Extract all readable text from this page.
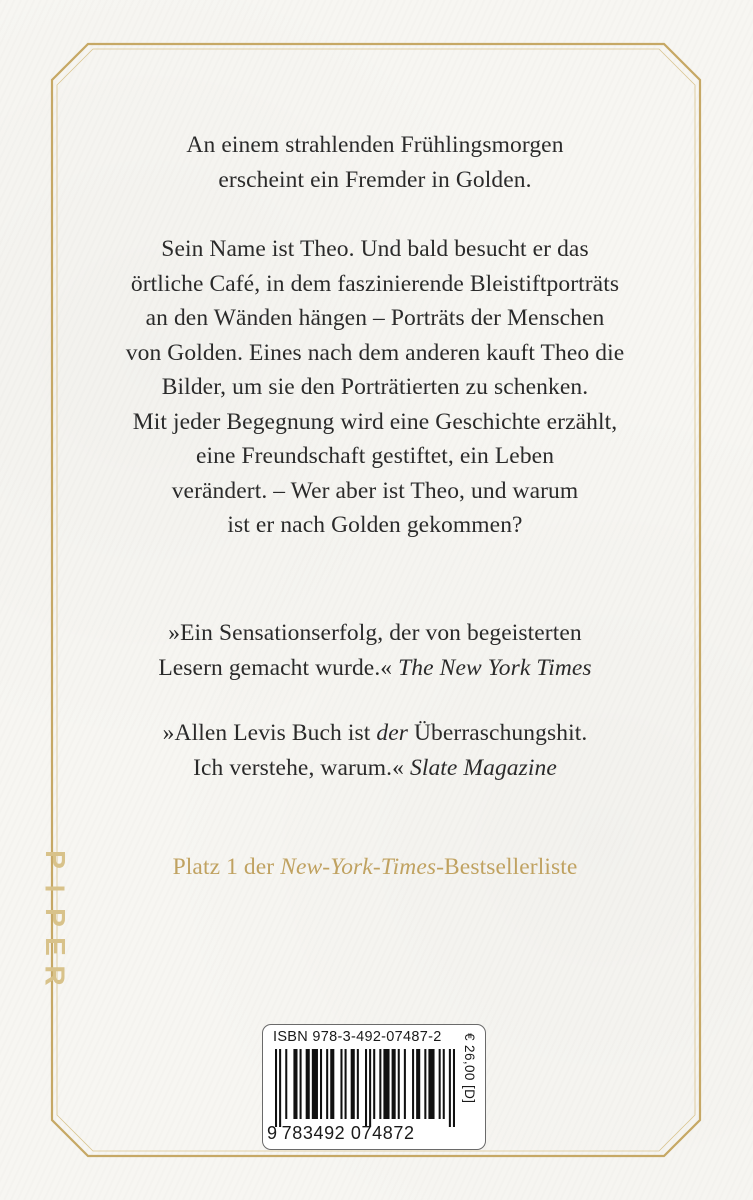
An einem strahlenden Frühlingsmorgen

erscheint ein Fremder in Golden.

Sein Name ist Theo. Und bald besucht er das

örtliche Café, in dem faszinierende Bleistiftporträts

an den Wänden hängen – Porträts der Menschen

von Golden. Eines nach dem anderen kauft Theo die

Bilder, um sie den Porträtierten zu schenken.

Mit jeder Begegnung wird eine Geschichte erzählt,

eine Freundschaft gestiftet, ein Leben

verändert. – Wer aber ist Theo, und warum

ist er nach Golden gekommen?

»Ein Sensationserfolg, der von begeisterten

Lesern gemacht wurde.« The New York Times

»Allen Levis Buch ist der Überraschungshit.

Ich verstehe, warum.« Slate Magazine

Platz 1 der New-York-Times-Bestsellerliste

P
I
P
E
R
ISBN 978-3-492-07487-2
9 783492 074872
€ 26,00 [D]
